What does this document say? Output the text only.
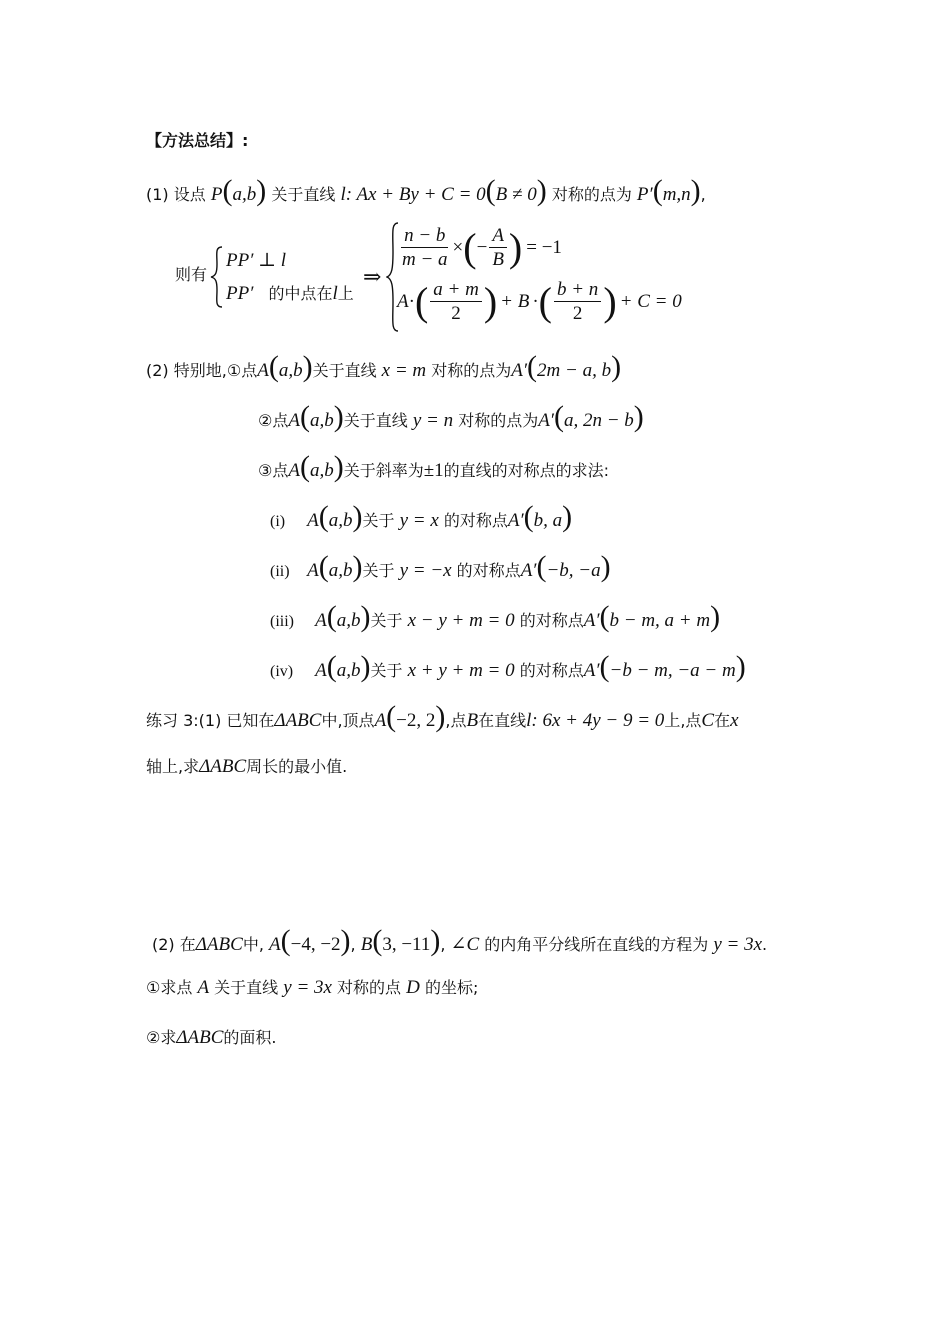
【方法总结】:
(1) 设点 P(a,b) 关于直线 l: Ax + By + C = 0(B ≠ 0) 对称的点为 P′(m,n),
则有
PP′ ⊥ l
PP′ 的中点在l上
⇒
$\frac{n - b}{m - a}$ × ( − $\frac{A}{B}$ ) = −1
A · ( $\frac{a + m}{2}$ ) + B · ( $\frac{b + n}{2}$ ) + C = 0
(2) 特别地,①点A(a,b)关于直线 x = m 对称的点为A′(2m − a, b)
②点A(a,b)关于直线 y = n 对称的点为A′(a, 2n − b)
③点A(a,b)关于斜率为±1的直线的对称点的求法:
(i) A(a,b)关于 y = x 的对称点A′(b, a)
(ii) A(a,b)关于 y = −x 的对称点A′(−b, −a)
(iii) A(a,b)关于 x − y + m = 0 的对称点A′(b − m, a + m)
(iv) A(a,b)关于 x + y + m = 0 的对称点A′(−b − m, −a − m)
练习 3:(1) 已知在ΔABC中,顶点A(−2, 2),点B在直线l: 6x + 4y − 9 = 0上,点C在x
轴上,求ΔABC周长的最小值.
(2) 在ΔABC中, A(−4, −2), B(3, −11), ∠C 的内角平分线所在直线的方程为 y = 3x.
①求点 A 关于直线 y = 3x 对称的点 D 的坐标;
②求ΔABC的面积.
